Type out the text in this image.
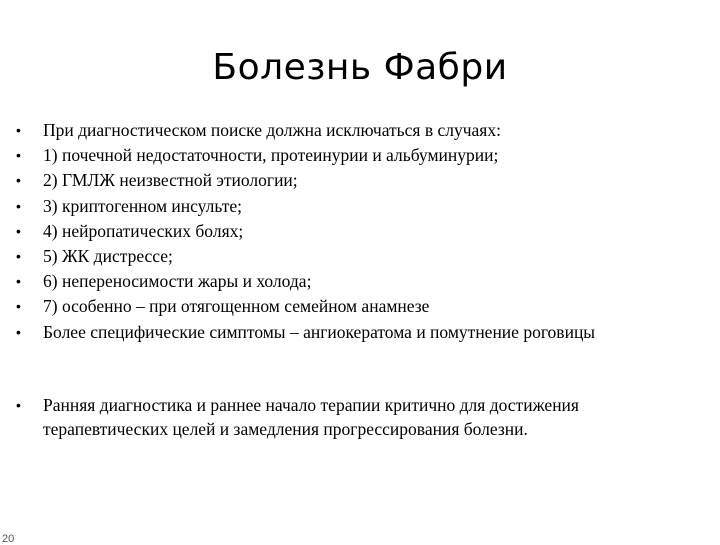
Болезнь Фабри
• При диагностическом поиске должна исключаться в случаях:
• 1) почечной недостаточности, протеинурии и альбуминурии;
• 2) ГМЛЖ неизвестной этиологии;
• 3) криптогенном инсульте;
• 4) нейропатических болях;
• 5) ЖК дистрессе;
• 6) непереносимости жары и холода;
• 7) особенно – при отягощенном семейном анамнезе
• Более специфические симптомы – ангиокератома и помутнение роговицы
• Ранняя диагностика и раннее начало терапии критично для достижения терапевтических целей и замедления прогрессирования болезни.
20
